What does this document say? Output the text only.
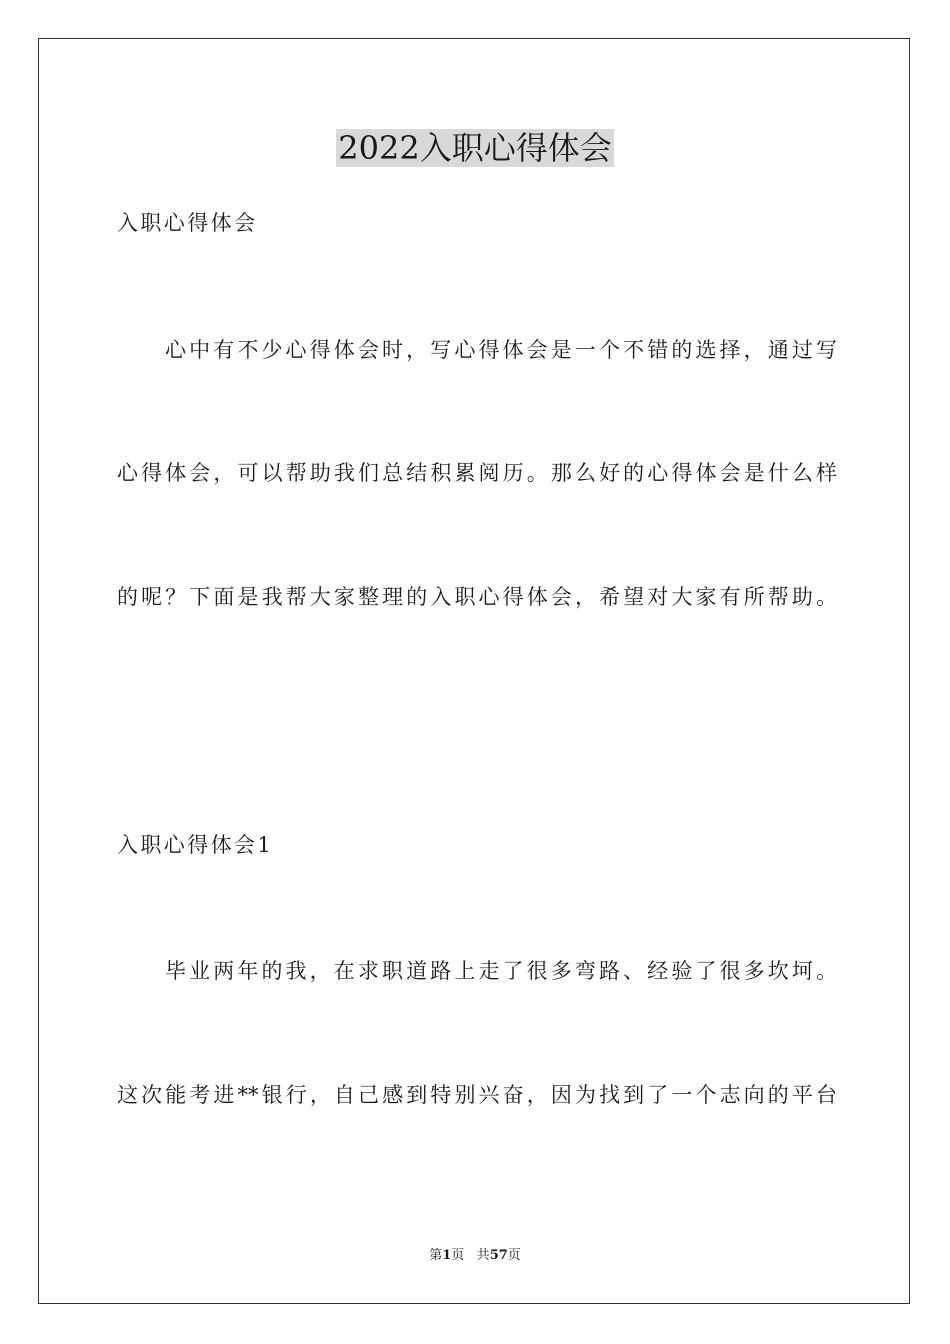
2022入职心得体会

入职心得体会

心中有不少心得体会时，写心得体会是一个不错的选择，通过写

心得体会，可以帮助我们总结积累阅历。那么好的心得体会是什么样

的呢？下面是我帮大家整理的入职心得体会，希望对大家有所帮助。

入职心得体会1

毕业两年的我，在求职道路上走了很多弯路、经验了很多坎坷。

这次能考进**银行，自己感到特别兴奋，因为找到了一个志向的平台

第1页 共57页
